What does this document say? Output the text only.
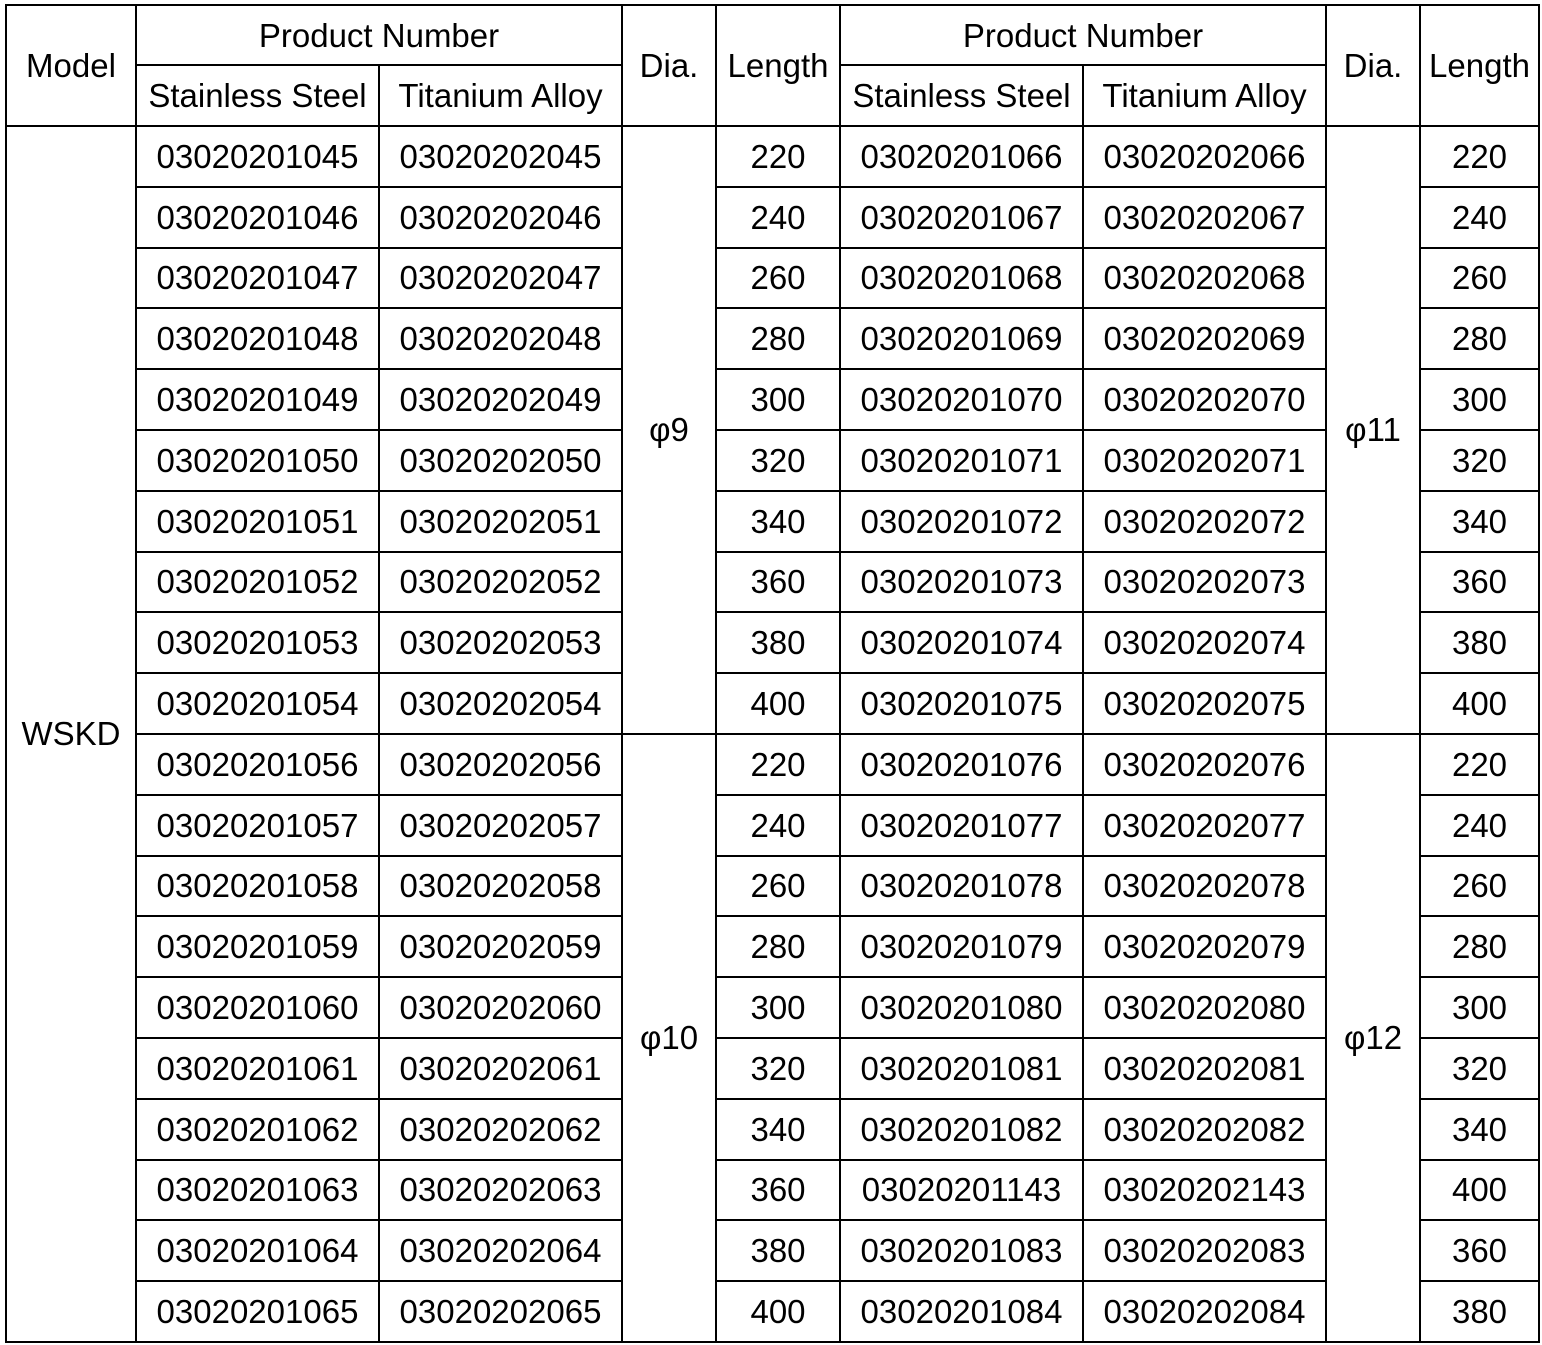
Model	Product Number		Dia.	Length	Product Number		Dia.	Length
	Stainless Steel	Titanium Alloy			Stainless Steel	Titanium Alloy		
WSKD	03020201045	03020202045	φ9	220	03020201066	03020202066	φ11	220
	03020201046	03020202046		240	03020201067	03020202067		240
	03020201047	03020202047		260	03020201068	03020202068		260
	03020201048	03020202048		280	03020201069	03020202069		280
	03020201049	03020202049		300	03020201070	03020202070		300
	03020201050	03020202050		320	03020201071	03020202071		320
	03020201051	03020202051		340	03020201072	03020202072		340
	03020201052	03020202052		360	03020201073	03020202073		360
	03020201053	03020202053		380	03020201074	03020202074		380
	03020201054	03020202054		400	03020201075	03020202075		400
	03020201056	03020202056	φ10	220	03020201076	03020202076	φ12	220
	03020201057	03020202057		240	03020201077	03020202077		240
	03020201058	03020202058		260	03020201078	03020202078		260
	03020201059	03020202059		280	03020201079	03020202079		280
	03020201060	03020202060		300	03020201080	03020202080		300
	03020201061	03020202061		320	03020201081	03020202081		320
	03020201062	03020202062		340	03020201082	03020202082		340
	03020201063	03020202063		360	03020201143	03020202143		400
	03020201064	03020202064		380	03020201083	03020202083		360
	03020201065	03020202065		400	03020201084	03020202084		380
